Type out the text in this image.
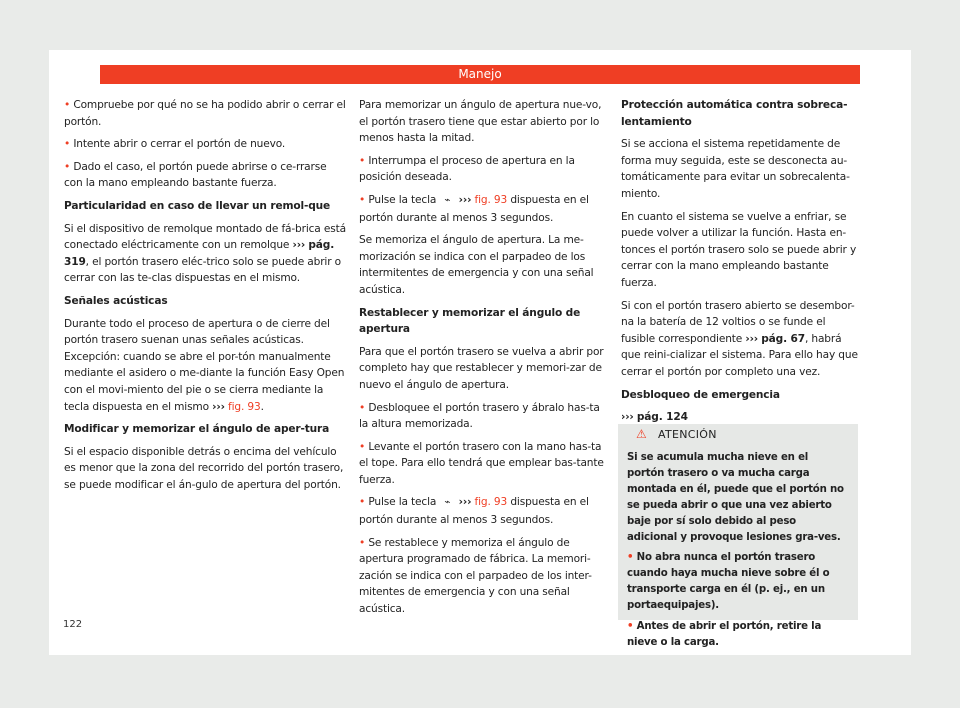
Manejo

• Compruebe por qué no se ha podido abrir o cerrar el portón.

• Intente abrir o cerrar el portón de nuevo.

• Dado el caso, el portón puede abrirse o ce-rrarse con la mano empleando bastante fuerza.

Particularidad en caso de llevar un remol-que

Si el dispositivo de remolque montado de fá-brica está conectado eléctricamente con un remolque ››› pág. 319, el portón trasero eléc-trico solo se puede abrir o cerrar con las te-clas dispuestas en el mismo.

Señales acústicas

Durante todo el proceso de apertura o de cierre del portón trasero suenan unas señales acústicas. Excepción: cuando se abre el por-tón manualmente mediante el asidero o me-diante la función Easy Open con el movi-miento del pie o se cierra mediante la tecla dispuesta en el mismo ››› fig. 93.

Modificar y memorizar el ángulo de aper-tura

Si el espacio disponible detrás o encima del vehículo es menor que la zona del recorrido del portón trasero, se puede modificar el án-gulo de apertura del portón.

Para memorizar un ángulo de apertura nue-vo, el portón trasero tiene que estar abierto por lo menos hasta la mitad.

• Interrumpa el proceso de apertura en la posición deseada.

• Pulse la tecla ⌁ ››› fig. 93 dispuesta en el portón durante al menos 3 segundos.

Se memoriza el ángulo de apertura. La me-morización se indica con el parpadeo de los intermitentes de emergencia y con una señal acústica.

Restablecer y memorizar el ángulo de apertura

Para que el portón trasero se vuelva a abrir por completo hay que restablecer y memori-zar de nuevo el ángulo de apertura.

• Desbloquee el portón trasero y ábralo has-ta la altura memorizada.

• Levante el portón trasero con la mano has-ta el tope. Para ello tendrá que emplear bas-tante fuerza.

• Pulse la tecla ⌁ ››› fig. 93 dispuesta en el portón durante al menos 3 segundos.

• Se restablece y memoriza el ángulo de apertura programado de fábrica. La memori-zación se indica con el parpadeo de los inter-mitentes de emergencia y con una señal acústica.

Protección automática contra sobreca-lentamiento

Si se acciona el sistema repetidamente de forma muy seguida, este se desconecta au-tomáticamente para evitar un sobrecalenta-miento.

En cuanto el sistema se vuelve a enfriar, se puede volver a utilizar la función. Hasta en-tonces el portón trasero solo se puede abrir y cerrar con la mano empleando bastante fuerza.

Si con el portón trasero abierto se desembor-na la batería de 12 voltios o se funde el fusible correspondiente ››› pág. 67, habrá que reini-cializar el sistema. Para ello hay que cerrar el portón por completo una vez.

Desbloqueo de emergencia

››› pág. 124

⚠ ATENCIÓN

Si se acumula mucha nieve en el portón trasero o va mucha carga montada en él, puede que el portón no se pueda abrir o que una vez abierto baje por sí solo debido al peso adicional y provoque lesiones gra-ves.

• No abra nunca el portón trasero cuando haya mucha nieve sobre él o transporte carga en él (p. ej., en un portaequipajes).

• Antes de abrir el portón, retire la nieve o la carga.

122
